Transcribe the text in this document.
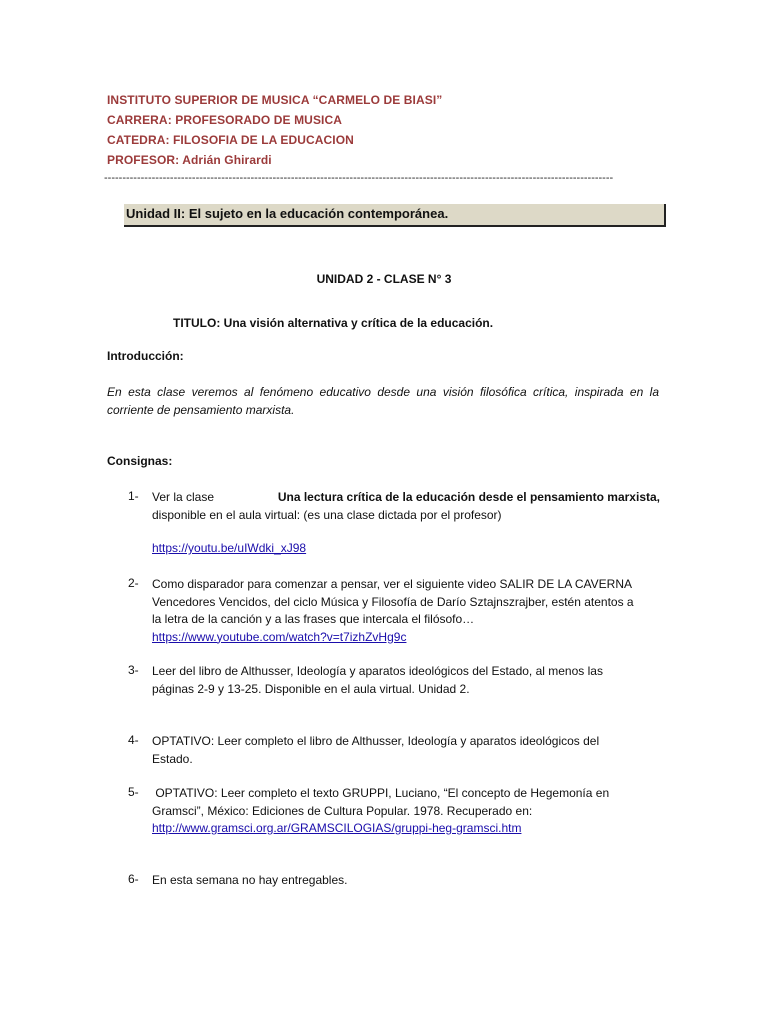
INSTITUTO SUPERIOR DE MUSICA “CARMELO DE BIASI”
CARRERA: PROFESORADO DE MUSICA
CATEDRA: FILOSOFIA DE LA EDUCACION
PROFESOR: Adrián Ghirardi
-------------------------------------------------------------------------------------------------------------------------------------------
Unidad II: El sujeto en la educación contemporánea.
UNIDAD 2 - CLASE N° 3
TITULO: Una visión alternativa y crítica de la educación.
Introducción:
En esta clase veremos al fenómeno educativo desde una visión filosófica crítica, inspirada en la corriente de pensamiento marxista.
Consignas:
1- Ver la clase	Una lectura crítica de la educación desde el pensamiento marxista,
disponible en el aula virtual: (es una clase dictada por el profesor)
https://youtu.be/uIWdki_xJ98
2- Como disparador para comenzar a pensar, ver el siguiente video SALIR DE LA CAVERNA
Vencedores Vencidos, del ciclo Música y Filosofía de Darío Sztajnszrajber, estén atentos a
la letra de la canción y a las frases que intercala el filósofo…
https://www.youtube.com/watch?v=t7izhZvHg9c
3- Leer del libro de Althusser, Ideología y aparatos ideológicos del Estado, al menos las
páginas 2-9 y 13-25. Disponible en el aula virtual. Unidad 2.
4- OPTATIVO: Leer completo el libro de Althusser, Ideología y aparatos ideológicos del
Estado.
5- OPTATIVO: Leer completo el texto GRUPPI, Luciano, “El concepto de Hegemonía en
Gramsci”, México: Ediciones de Cultura Popular. 1978. Recuperado en:
http://www.gramsci.org.ar/GRAMSCILOGIAS/gruppi-heg-gramsci.htm
6- En esta semana no hay entregables.
